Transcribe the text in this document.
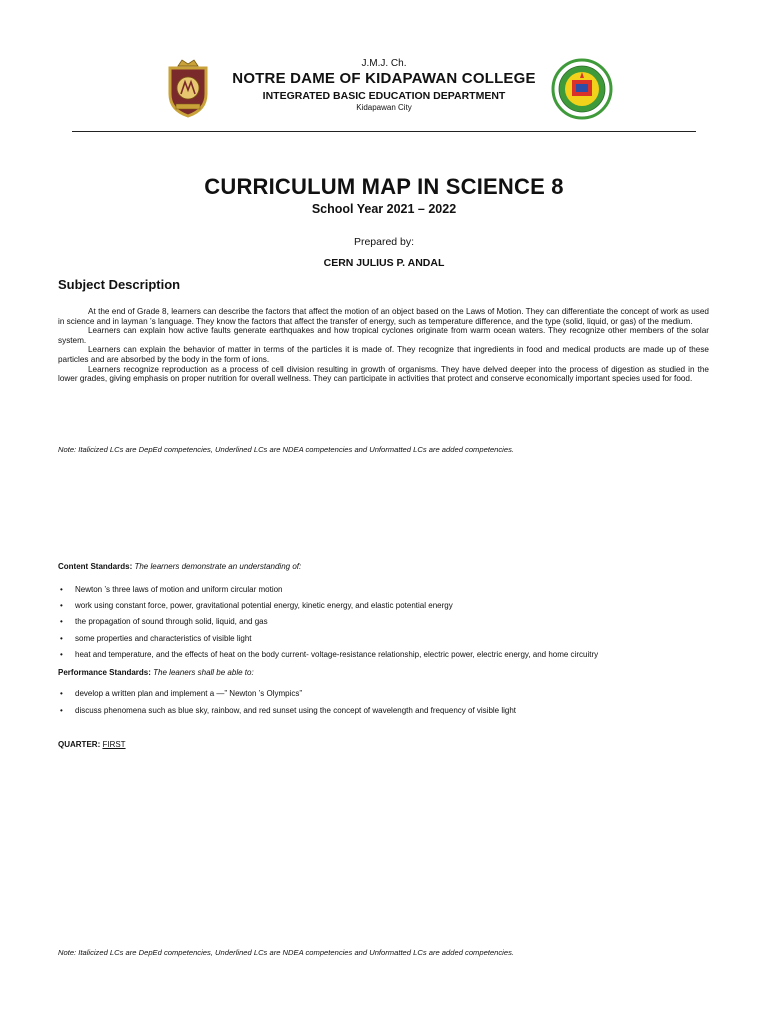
J.M.J. Ch.
NOTRE DAME OF KIDAPAWAN COLLEGE
INTEGRATED BASIC EDUCATION DEPARTMENT
Kidapawan City
CURRICULUM MAP IN SCIENCE 8
School Year 2021 – 2022
Prepared by:
CERN JULIUS P. ANDAL
Subject Description

At the end of Grade 8, learners can describe the factors that affect the motion of an object based on the Laws of Motion. They can differentiate the concept of work as used in science and in layman ’s language. They know the factors that affect the transfer of energy, such as temperature difference, and the type (solid, liquid, or gas) of the medium.

Learners can explain how active faults generate earthquakes and how tropical cyclones originate from warm ocean waters. They recognize other members of the solar system.

Learners can explain the behavior of matter in terms of the particles it is made of. They recognize that ingredients in food and medical products are made up of these particles and are absorbed by the body in the form of ions.

Learners recognize reproduction as a process of cell division resulting in growth of organisms. They have delved deeper into the process of digestion as studied in the lower grades, giving emphasis on proper nutrition for overall wellness. They can participate in activities that protect and conserve economically important species used for food.

Note: Italicized LCs are DepEd competencies, Underlined LCs are NDEA competencies and Unformatted LCs are added competencies.
Content Standards: The learners demonstrate an understanding of:
• Newton ’s three laws of motion and uniform circular motion
• work using constant force, power, gravitational potential energy, kinetic energy, and elastic potential energy
• the propagation of sound through solid, liquid, and gas
• some properties and characteristics of visible light
• heat and temperature, and the effects of heat on the body current- voltage-resistance relationship, electric power, electric energy, and home circuitry
Performance Standards: The leaners shall be able to:
• develop a written plan and implement a ―” Newton ’s Olympics”
• discuss phenomena such as blue sky, rainbow, and red sunset using the concept of wavelength and frequency of visible light
QUARTER: FIRST
Note: Italicized LCs are DepEd competencies, Underlined LCs are NDEA competencies and Unformatted LCs are added competencies.
